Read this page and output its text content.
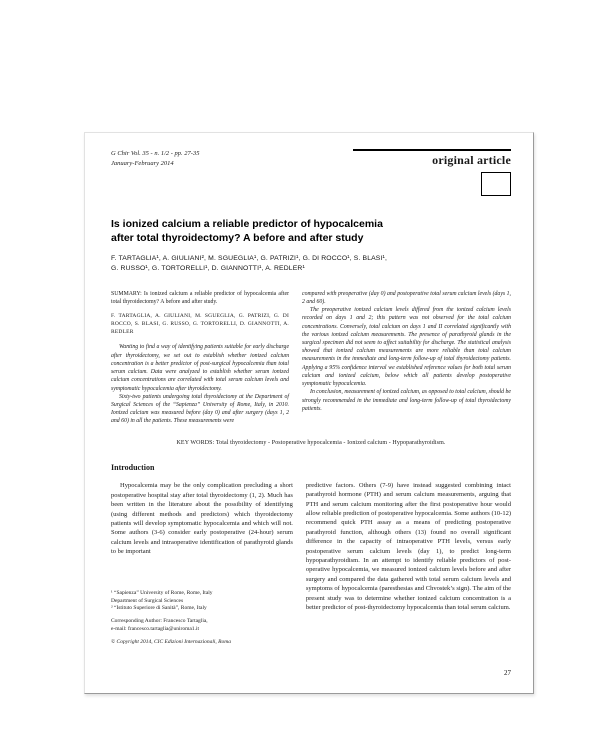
G Chir Vol. 35 - n. 1/2 - pp. 27-35
January-February 2014	original article
Is ionized calcium a reliable predictor of hypocalcemia
after total thyroidectomy? A before and after study
F. TARTAGLIA¹, A. GIULIANI², M. SGUEGLIA¹, G. PATRIZI¹, G. DI ROCCO¹, S. BLASI¹,
G. RUSSO¹, G. TORTORELLI¹, D. GIANNOTTI¹, A. REDLER¹
SUMMARY: Is ionized calcium a reliable predictor of hypocalcemia after total thyroidectomy? A before and after study.
F. TARTAGLIA, A. GIULIANI, M. SGUEGLIA, G. PATRIZI, G. DI ROCCO, S. BLASI, G. RUSSO, G. TORTORELLI, D. GIANNOTTI, A. REDLER
Wanting to find a way of identifying patients suitable for early discharge after thyroidectomy, we set out to establish whether ionized calcium concentration is a better predictor of post-surgical hypocalcemia than total serum calcium. Data were analyzed to establish whether serum ionized calcium concentrations are correlated with total serum calcium levels and symptomatic hypocalcemia after thyroidectomy.
Sixty-two patients undergoing total thyroidectomy at the Department of Surgical Sciences of the “Sapienza” University of Rome, Italy, in 2010. Ionized calcium was measured before (day 0) and after surgery (days 1, 2 and 60) in all the patients. These measurements were
compared with preoperative (day 0) and postoperative total serum calcium levels (days 1, 2 and 60).
The preoperative ionized calcium levels differed from the ionized calcium levels recorded on days 1 and 2; this pattern was not observed for the total calcium concentrations. Conversely, total calcium on days 1 and II correlated significantly with the various ionized calcium measurements. The presence of parathyroid glands in the surgical specimen did not seem to affect suitability for discharge. The statistical analysis showed that ionized calcium measurements are more reliable than total calcium measurements in the immediate and long-term follow-up of total thyroidectomy patients. Applying a 95% confidence interval we established reference values for both total serum calcium and ionized calcium, below which all patients develop postoperative symptomatic hypocalcemia.
In conclusion, measurement of ionized calcium, as opposed to total calcium, should be strongly recommended in the immediate and long-term follow-up of total thyroidectomy patients.
KEY WORDS: Total thyroidectomy - Postoperative hypocalcemia - Ionized calcium - Hypoparathyroidism.
Introduction
Hypocalcemia may be the only complication precluding a short postoperative hospital stay after total thyroidectomy (1, 2). Much has been written in the literature about the possibility of identifying (using different methods and predictors) which thyroidectomy patients will develop symptomatic hypocalcemia and which will not. Some authors (3-6) consider early postoperative (24-hour) serum calcium levels and intraoperative identification of parathyroid glands to be important
¹ “Sapienza” University of Rome, Rome, Italy
Department of Surgical Sciences
² “Istituto Superiore di Sanità”, Rome, Italy
Corresponding Author: Francesco Tartaglia,
e-mail: francesco.tartaglia@uniroma1.it
© Copyright 2014, CIC Edizioni Internazionali, Roma
predictive factors. Others (7-9) have instead suggested combining intact parathyroid hormone (PTH) and serum calcium measurements, arguing that PTH and serum calcium monitoring after the first postoperative hour would allow reliable prediction of postoperative hypocalcemia. Some authors (10-12) recommend quick PTH assay as a means of predicting postoperative parathyroid function, although others (13) found no overall significant difference in the capacity of intraoperative PTH levels, versus early postoperative serum calcium levels (day 1), to predict long-term hypoparathyroidism. In an attempt to identify reliable predictors of post-operative hypocalcemia, we measured ionized calcium levels before and after surgery and compared the data gathered with total serum calcium levels and symptoms of hypocalcemia (paresthesias and Chvostek’s sign). The aim of the present study was to determine whether ionized calcium concentration is a better predictor of post-thyroidectomy hypocalcemia than total serum calcium.
27
